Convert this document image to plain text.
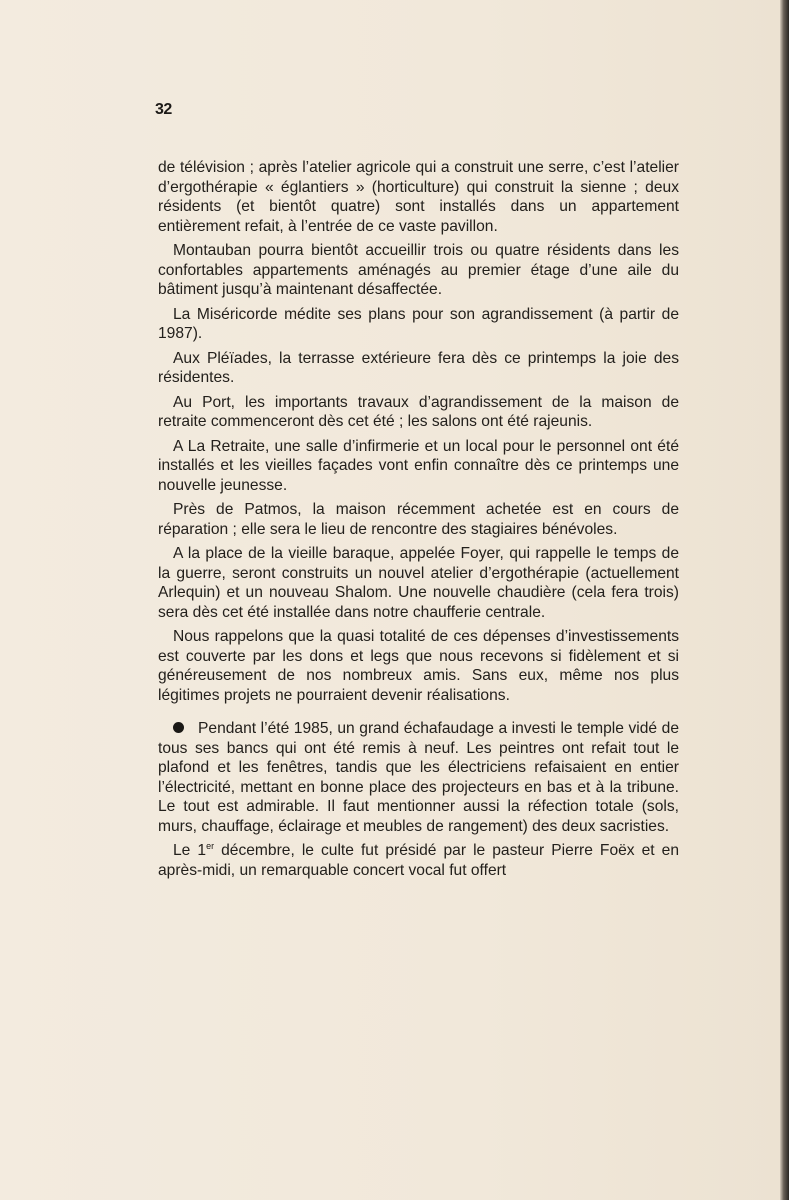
32

de télévision ; après l’atelier agricole qui a construit une serre, c’est l’atelier d’ergothérapie « églantiers » (horticulture) qui construit la sienne ; deux résidents (et bientôt quatre) sont installés dans un appartement entièrement refait, à l’entrée de ce vaste pavillon.

Montauban pourra bientôt accueillir trois ou quatre résidents dans les confortables appartements aménagés au premier étage d’une aile du bâtiment jusqu’à maintenant désaffectée.

La Miséricorde médite ses plans pour son agrandissement (à partir de 1987).

Aux Pléïades, la terrasse extérieure fera dès ce printemps la joie des résidentes.

Au Port, les importants travaux d’agrandissement de la maison de retraite commenceront dès cet été ; les salons ont été rajeunis.

A La Retraite, une salle d’infirmerie et un local pour le personnel ont été installés et les vieilles façades vont enfin connaître dès ce printemps une nouvelle jeunesse.

Près de Patmos, la maison récemment achetée est en cours de réparation ; elle sera le lieu de rencontre des stagiaires bénévoles.

A la place de la vieille baraque, appelée Foyer, qui rappelle le temps de la guerre, seront construits un nouvel atelier d’ergothérapie (actuellement Arlequin) et un nouveau Shalom. Une nouvelle chaudière (cela fera trois) sera dès cet été installée dans notre chaufferie centrale.

Nous rappelons que la quasi totalité de ces dépenses d’investissements est couverte par les dons et legs que nous recevons si fidèlement et si généreusement de nos nombreux amis. Sans eux, même nos plus légitimes projets ne pourraient devenir réalisations.

Pendant l’été 1985, un grand échafaudage a investi le temple vidé de tous ses bancs qui ont été remis à neuf. Les peintres ont refait tout le plafond et les fenêtres, tandis que les électriciens refaisaient en entier l’électricité, mettant en bonne place des projecteurs en bas et à la tribune. Le tout est admirable. Il faut mentionner aussi la réfection totale (sols, murs, chauffage, éclairage et meubles de rangement) des deux sacristies.

Le 1er décembre, le culte fut présidé par le pasteur Pierre Foëx et en après-midi, un remarquable concert vocal fut offert
